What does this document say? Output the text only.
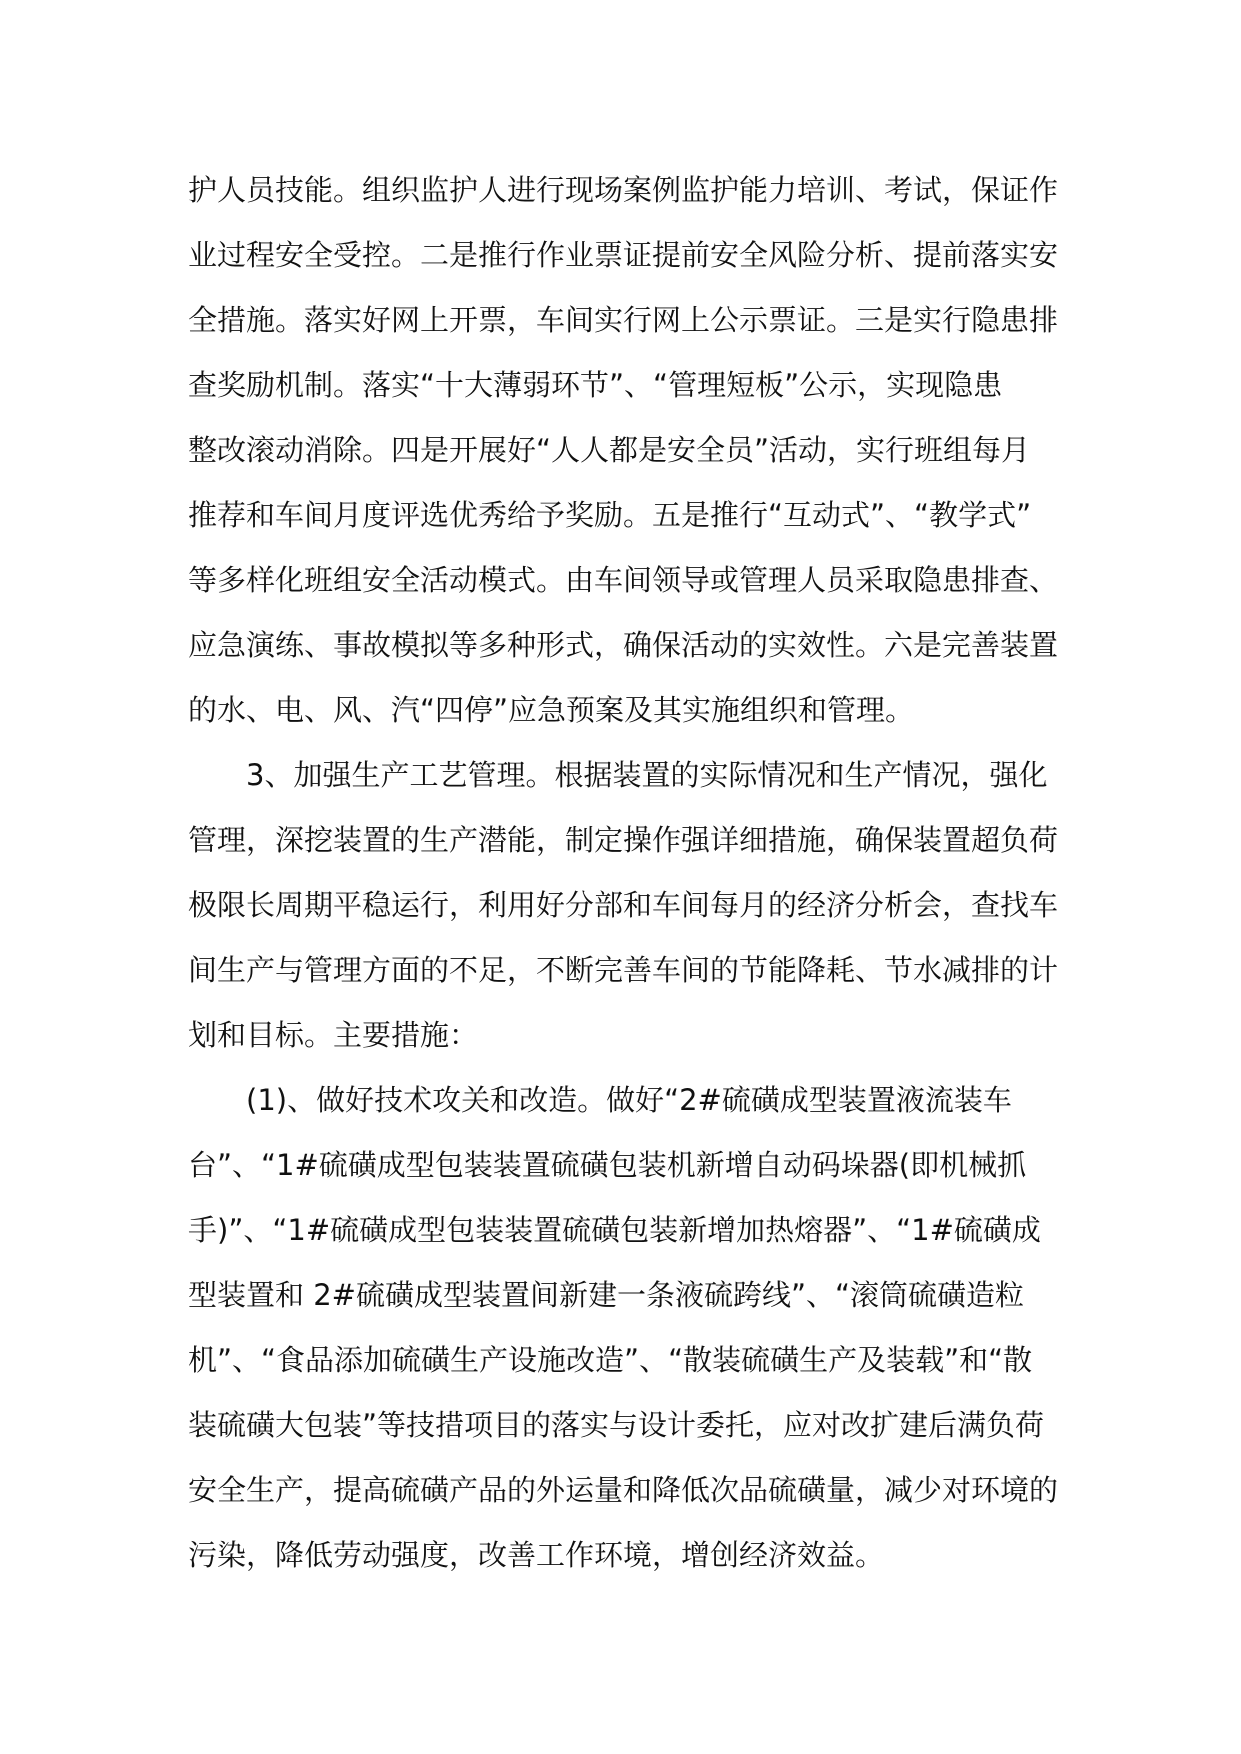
护人员技能。组织监护人进行现场案例监护能力培训、考试，保证作
业过程安全受控。二是推行作业票证提前安全风险分析、提前落实安
全措施。落实好网上开票，车间实行网上公示票证。三是实行隐患排
查奖励机制。落实“十大薄弱环节”、“管理短板”公示，实现隐患
整改滚动消除。四是开展好“人人都是安全员”活动，实行班组每月
推荐和车间月度评选优秀给予奖励。五是推行“互动式”、“教学式”
等多样化班组安全活动模式。由车间领导或管理人员采取隐患排查、
应急演练、事故模拟等多种形式，确保活动的实效性。六是完善装置
的水、电、风、汽“四停”应急预案及其实施组织和管理。
3、加强生产工艺管理。根据装置的实际情况和生产情况，强化
管理，深挖装置的生产潜能，制定操作强详细措施，确保装置超负荷
极限长周期平稳运行，利用好分部和车间每月的经济分析会，查找车
间生产与管理方面的不足，不断完善车间的节能降耗、节水减排的计
划和目标。主要措施：
(1)、做好技术攻关和改造。做好“2#硫磺成型装置液流装车
台”、“1#硫磺成型包装装置硫磺包装机新增自动码垛器(即机械抓
手)”、“1#硫磺成型包装装置硫磺包装新增加热熔器”、“1#硫磺成
型装置和 2#硫磺成型装置间新建一条液硫跨线”、“滚筒硫磺造粒
机”、“食品添加硫磺生产设施改造”、“散装硫磺生产及装载”和“散
装硫磺大包装”等技措项目的落实与设计委托，应对改扩建后满负荷
安全生产，提高硫磺产品的外运量和降低次品硫磺量，减少对环境的
污染，降低劳动强度，改善工作环境，增创经济效益。
